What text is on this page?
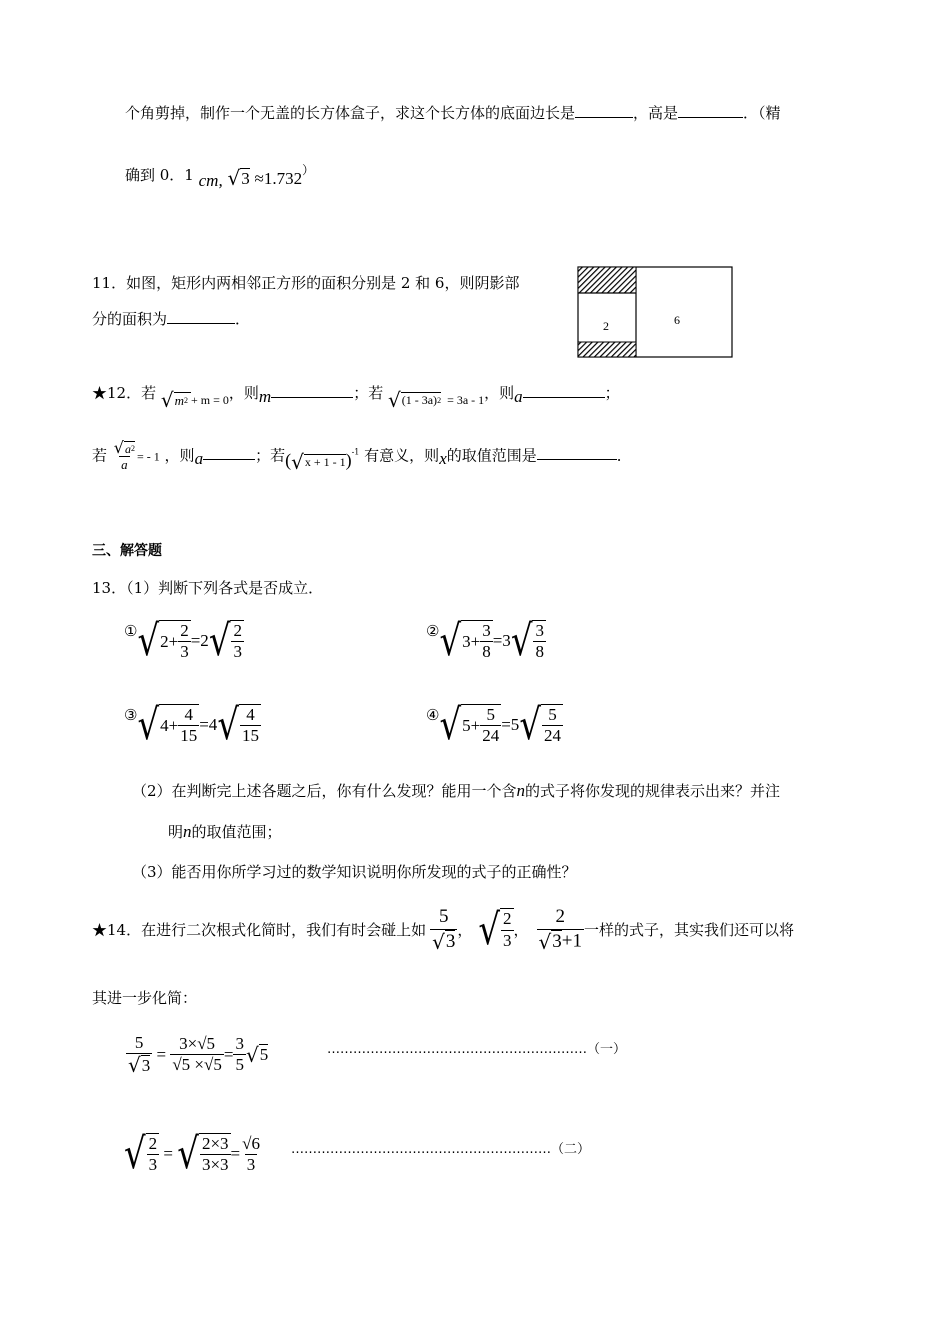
个角剪掉，制作一个无盖的长方体盒子，求这个长方体的底面边长是	，高是	．（精
确到 0．1 cm, √ 3 ≈1.732）
11．如图，矩形内两相邻正方形的面积分别是 2 和 6，则阴影部
分的面积为	．	2	6
★12．若 √ m 2
$_{+ m = 0}$，则m	；若 √ (1 - 3a) 2 $_{= 3a - 1}$，则a	；
若 $\frac{√ a 2}{a}$ = - 1 ，则a	；若( √ x + 1 - 1 )$^{-1}$ 有意义，则x的取值范围是	．
三、解答题
13．（1）判断下列各式是否成立．
① √ $2 + \frac{2}{3} =2$ √ $\frac{2}{3}$	② √ $3 + \frac{3}{8} =3$ √ $\frac{3}{8}$
③ √ $4 + \frac{4}{15} =4$ √ $\frac{4}{15}$	④ √ $5 + \frac{5}{24} =5$ √ $\frac{5}{24}$
（2）在判断完上述各题之后，你有什么发现？能用一个含n的式子将你发现的规律表示出来？并注
明n的取值范围；
（3）能否用你所学习过的数学知识说明你所发现的式子的正确性？
★14．在进行二次根式化简时，我们有时会碰上如 $\frac{5}{√ 3}$ ， √ $\frac{2}{3}$ ， $\frac{2}{√ 3 +1}$ 一样的式子，其实我们还可以将
其进一步化简：
$\frac{5}{√ 3} = \frac{3\times√5}{√5 \times√5} = \frac{3}{5}$ √ 5	……………………………………………………（一）
√ $\frac{2}{3}$ = √ $\frac{2\times 3}{3\times 3} = \frac{√6}{3}$ ……………………………………………………（二）
